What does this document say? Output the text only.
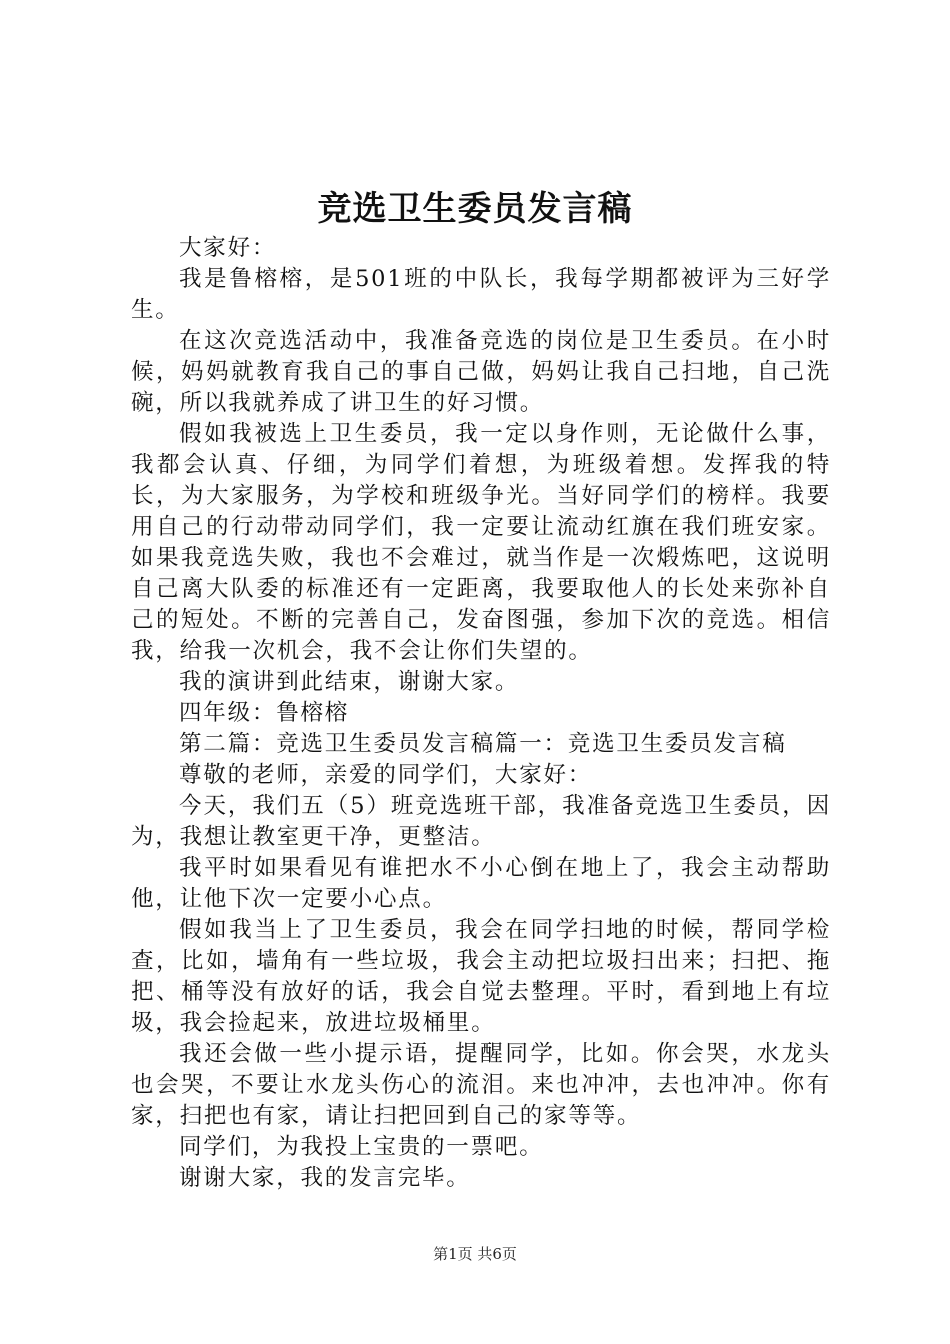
竞选卫生委员发言稿

大家好：

我是鲁榕榕，是501班的中队长，我每学期都被评为三好学生。

在这次竞选活动中，我准备竞选的岗位是卫生委员。在小时候，妈妈就教育我自己的事自己做，妈妈让我自己扫地，自己洗碗，所以我就养成了讲卫生的好习惯。

假如我被选上卫生委员，我一定以身作则，无论做什么事，我都会认真、仔细，为同学们着想，为班级着想。发挥我的特长，为大家服务，为学校和班级争光。当好同学们的榜样。我要用自己的行动带动同学们，我一定要让流动红旗在我们班安家。如果我竞选失败，我也不会难过，就当作是一次煅炼吧，这说明自己离大队委的标准还有一定距离，我要取他人的长处来弥补自己的短处。不断的完善自己，发奋图强，参加下次的竞选。相信我，给我一次机会，我不会让你们失望的。

我的演讲到此结束，谢谢大家。

四年级：鲁榕榕

第二篇：竞选卫生委员发言稿篇一：竞选卫生委员发言稿

尊敬的老师，亲爱的同学们，大家好：

今天，我们五（5）班竞选班干部，我准备竞选卫生委员，因为，我想让教室更干净，更整洁。

我平时如果看见有谁把水不小心倒在地上了，我会主动帮助他，让他下次一定要小心点。

假如我当上了卫生委员，我会在同学扫地的时候，帮同学检查，比如，墙角有一些垃圾，我会主动把垃圾扫出来；扫把、拖把、桶等没有放好的话，我会自觉去整理。平时，看到地上有垃圾，我会捡起来，放进垃圾桶里。

我还会做一些小提示语，提醒同学，比如。你会哭，水龙头也会哭，不要让水龙头伤心的流泪。来也冲冲，去也冲冲。你有家，扫把也有家，请让扫把回到自己的家等等。

同学们，为我投上宝贵的一票吧。

谢谢大家，我的发言完毕。

第1页 共6页
